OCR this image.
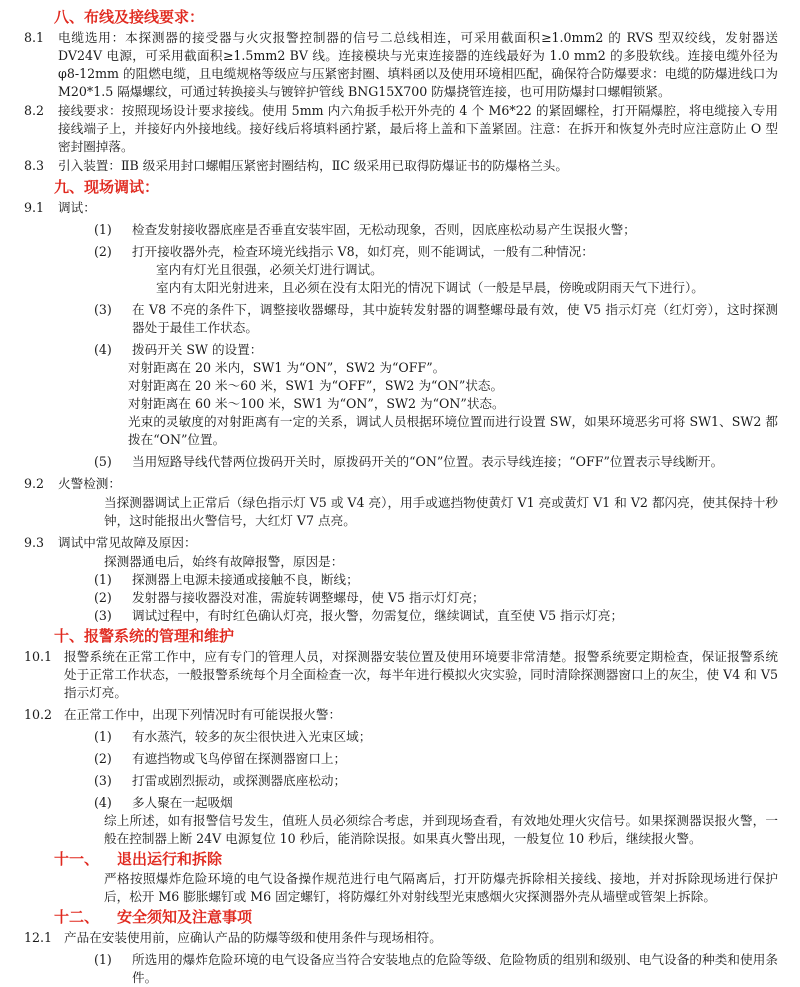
八、布线及接线要求：
8.1	电缆选用：本探测器的接受器与火灾报警控制器的信号二总线相连，可采用截面积≥1.0mm2 的 RVS 型双绞线，发射器送 DV24V 电源，可采用截面积≥1.5mm2 BV 线。连接模块与光束连接器的连线最好为 1.0 mm2 的多股软线。连接电缆外径为φ8-12mm 的阻燃电缆，且电缆规格等级应与压紧密封圈、填料函以及使用环境相匹配，确保符合防爆要求：电缆的防爆进线口为 M20*1.5 隔爆螺纹，可通过转换接头与镀锌护管线 BNG15X700 防爆挠管连接，也可用防爆封口螺帽锁紧。
8.2	接线要求：按照现场设计要求接线。使用 5mm 内六角扳手松开外壳的 4 个 M6*22 的紧固螺栓，打开隔爆腔，将电缆接入专用接线端子上，并接好内外接地线。接好线后将填料函拧紧，最后将上盖和下盖紧固。注意：在拆开和恢复外壳时应注意防止 O 型密封圈掉落。
8.3	引入装置：ⅡB 级采用封口螺帽压紧密封圈结构，ⅡC 级采用已取得防爆证书的防爆格兰头。
九、现场调试：
9.1	调试：
(1)	检查发射接收器底座是否垂直安装牢固，无松动现象，否则，因底座松动易产生误报火警；
(2)	打开接收器外壳，检查环境光线指示 V8，如灯亮，则不能调试，一般有二种情况：
室内有灯光且很强，必须关灯进行调试。
室内有太阳光射进来，且必须在没有太阳光的情况下调试（一般是早晨，傍晚或阴雨天气下进行）。
(3)	在 V8 不亮的条件下，调整接收器螺母，其中旋转发射器的调整螺母最有效，使 V5 指示灯亮（红灯旁），这时探测器处于最佳工作状态。
(4)	拨码开关 SW 的设置：
对射距离在 20 米内，SW1 为“ON”，SW2 为“OFF”。
对射距离在 20 米～60 米，SW1 为“OFF”，SW2 为“ON”状态。
对射距离在 60 米～100 米，SW1 为“ON”，SW2 为“ON”状态。
光束的灵敏度的对射距离有一定的关系，调试人员根据环境位置而进行设置 SW，如果环境恶劣可将 SW1、SW2 都拨在“ON”位置。
(5)	当用短路导线代替两位拨码开关时，原拨码开关的“ON”位置。表示导线连接；“OFF”位置表示导线断开。
9.2	火警检测：
当探测器调试上正常后（绿色指示灯 V5 或 V4 亮），用手或遮挡物使黄灯 V1 亮或黄灯 V1 和 V2 都闪亮，使其保持十秒钟，这时能报出火警信号，大红灯 V7 点亮。
9.3	调试中常见故障及原因：
探测器通电后，始终有故障报警，原因是：
(1)	探测器上电源未接通或接触不良，断线；
(2)	发射器与接收器没对准，需旋转调整螺母，使 V5 指示灯灯亮；
(3)	调试过程中，有时红色确认灯亮，报火警，勿需复位，继续调试，直至使 V5 指示灯亮；
十、报警系统的管理和维护
10.1 报警系统在正常工作中，应有专门的管理人员，对探测器安装位置及使用环境要非常清楚。报警系统要定期检查，保证报警系统处于正常工作状态，一般报警系统每个月全面检查一次，每半年进行模拟火灾实验，同时清除探测器窗口上的灰尘，使 V4 和 V5 指示灯亮。
10.2 在正常工作中，出现下列情况时有可能误报火警：
(1)	有水蒸汽，较多的灰尘很快进入光束区域；
(2)	有遮挡物或飞鸟停留在探测器窗口上；
(3)	打雷或剧烈振动，或探测器底座松动；
(4)	多人聚在一起吸烟
综上所述，如有报警信号发生，值班人员必须综合考虑，并到现场查看，有效地处理火灾信号。如果探测器误报火警，一般在控制器上断 24V 电源复位 10 秒后，能消除误报。如果真火警出现，一般复位 10 秒后，继续报火警。
十一、 退出运行和拆除
严格按照爆炸危险环境的电气设备操作规范进行电气隔离后，打开防爆壳拆除相关接线、接地，并对拆除现场进行保护后，松开 M6 膨胀螺钉或 M6 固定螺钉，将防爆红外对射线型光束感烟火灾探测器外壳从墙壁或管架上拆除。
十二、 安全须知及注意事项
12.1 产品在安装使用前，应确认产品的防爆等级和使用条件与现场相符。
(1)	所选用的爆炸危险环境的电气设备应当符合安装地点的危险等级、危险物质的组别和级别、电气设备的种类和使用条件。
